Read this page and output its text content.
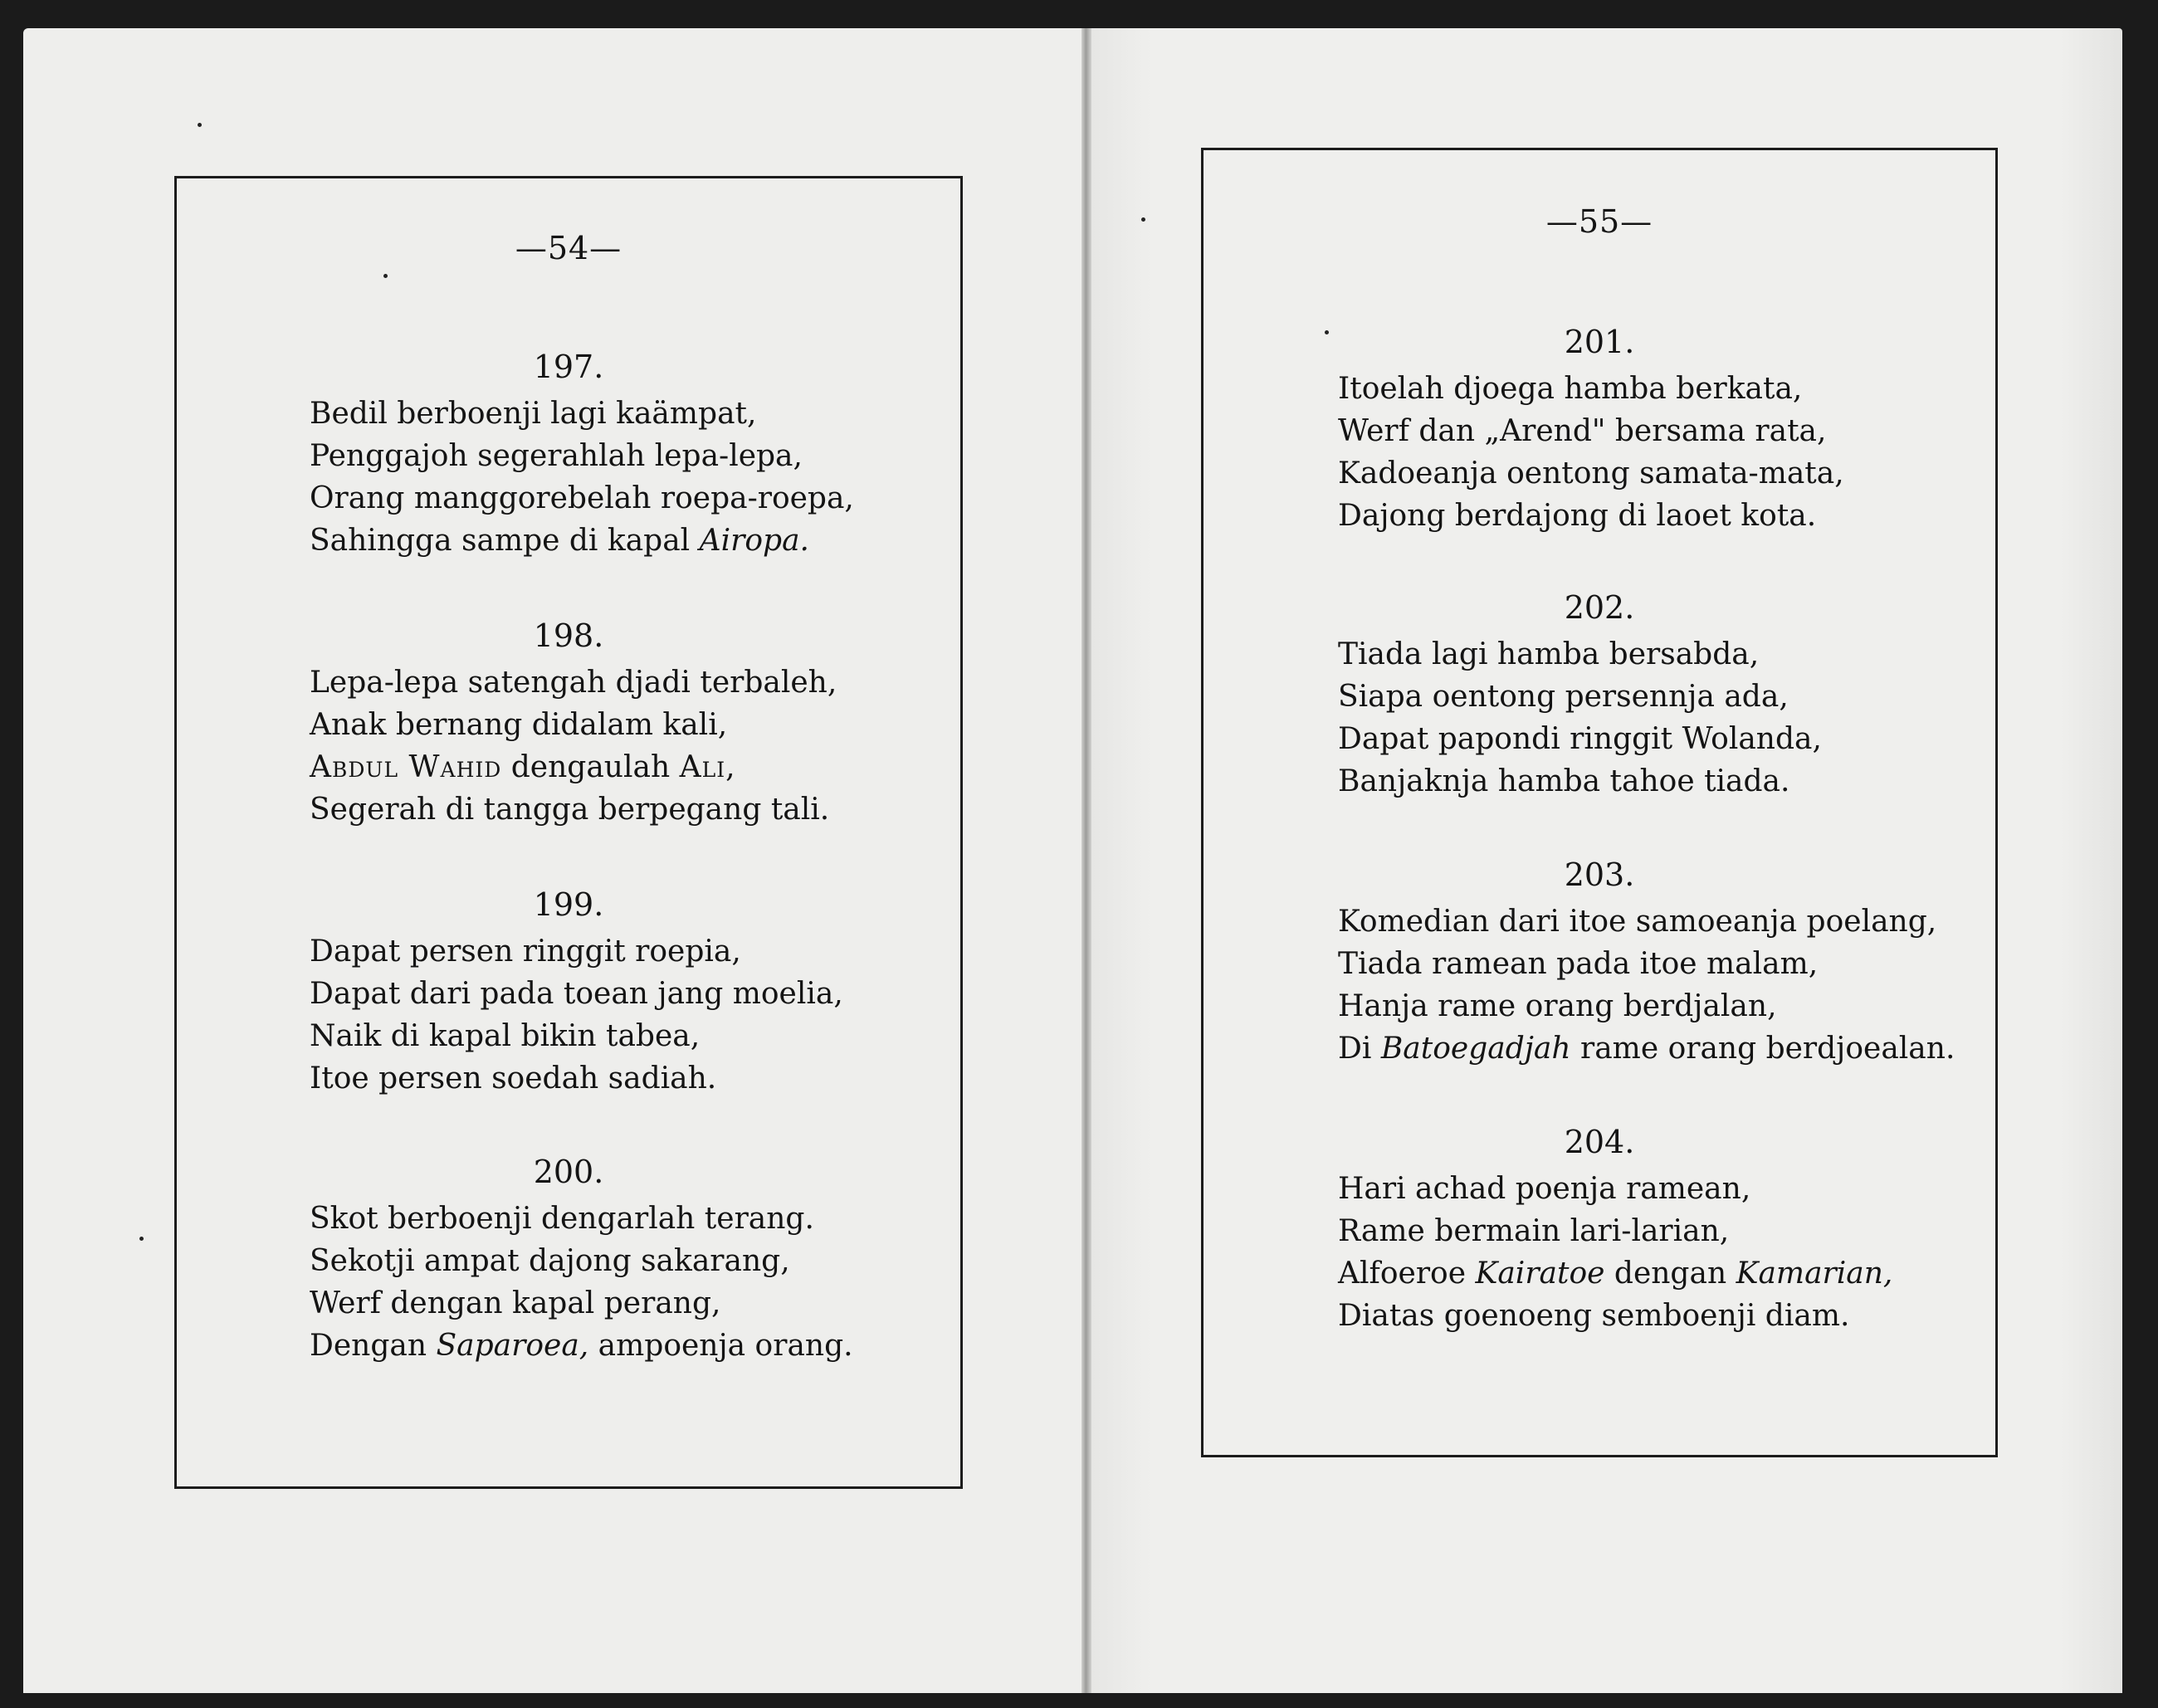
—54—
197.
Bedil berboenji lagi kaämpat,
Penggajoh segerahlah lepa-lepa,
Orang manggorebelah roepa-roepa,
Sahingga sampe di kapal Airopa.
198.
Lepa-lepa satengah djadi terbaleh,
Anak bernang didalam kali,
Abdul Wahid dengaulah Ali,
Segerah di tangga berpegang tali.
199.
Dapat persen ringgit roepia,
Dapat dari pada toean jang moelia,
Naik di kapal bikin tabea,
Itoe persen soedah sadiah.
200.
Skot berboenji dengarlah terang.
Sekotji ampat dajong sakarang,
Werf dengan kapal perang,
Dengan Saparoea, ampoenja orang.
—55—
201.
Itoelah djoega hamba berkata,
Werf dan „Arend" bersama rata,
Kadoeanja oentong samata-mata,
Dajong berdajong di laoet kota.
202.
Tiada lagi hamba bersabda,
Siapa oentong persennja ada,
Dapat papondi ringgit Wolanda,
Banjaknja hamba tahoe tiada.
203.
Komedian dari itoe samoeanja poelang,
Tiada ramean pada itoe malam,
Hanja rame orang berdjalan,
Di Batoegadjah rame orang berdjoealan.
204.
Hari achad poenja ramean,
Rame bermain lari-larian,
Alfoeroe Kairatoe dengan Kamarian,
Diatas goenoeng semboenji diam.
